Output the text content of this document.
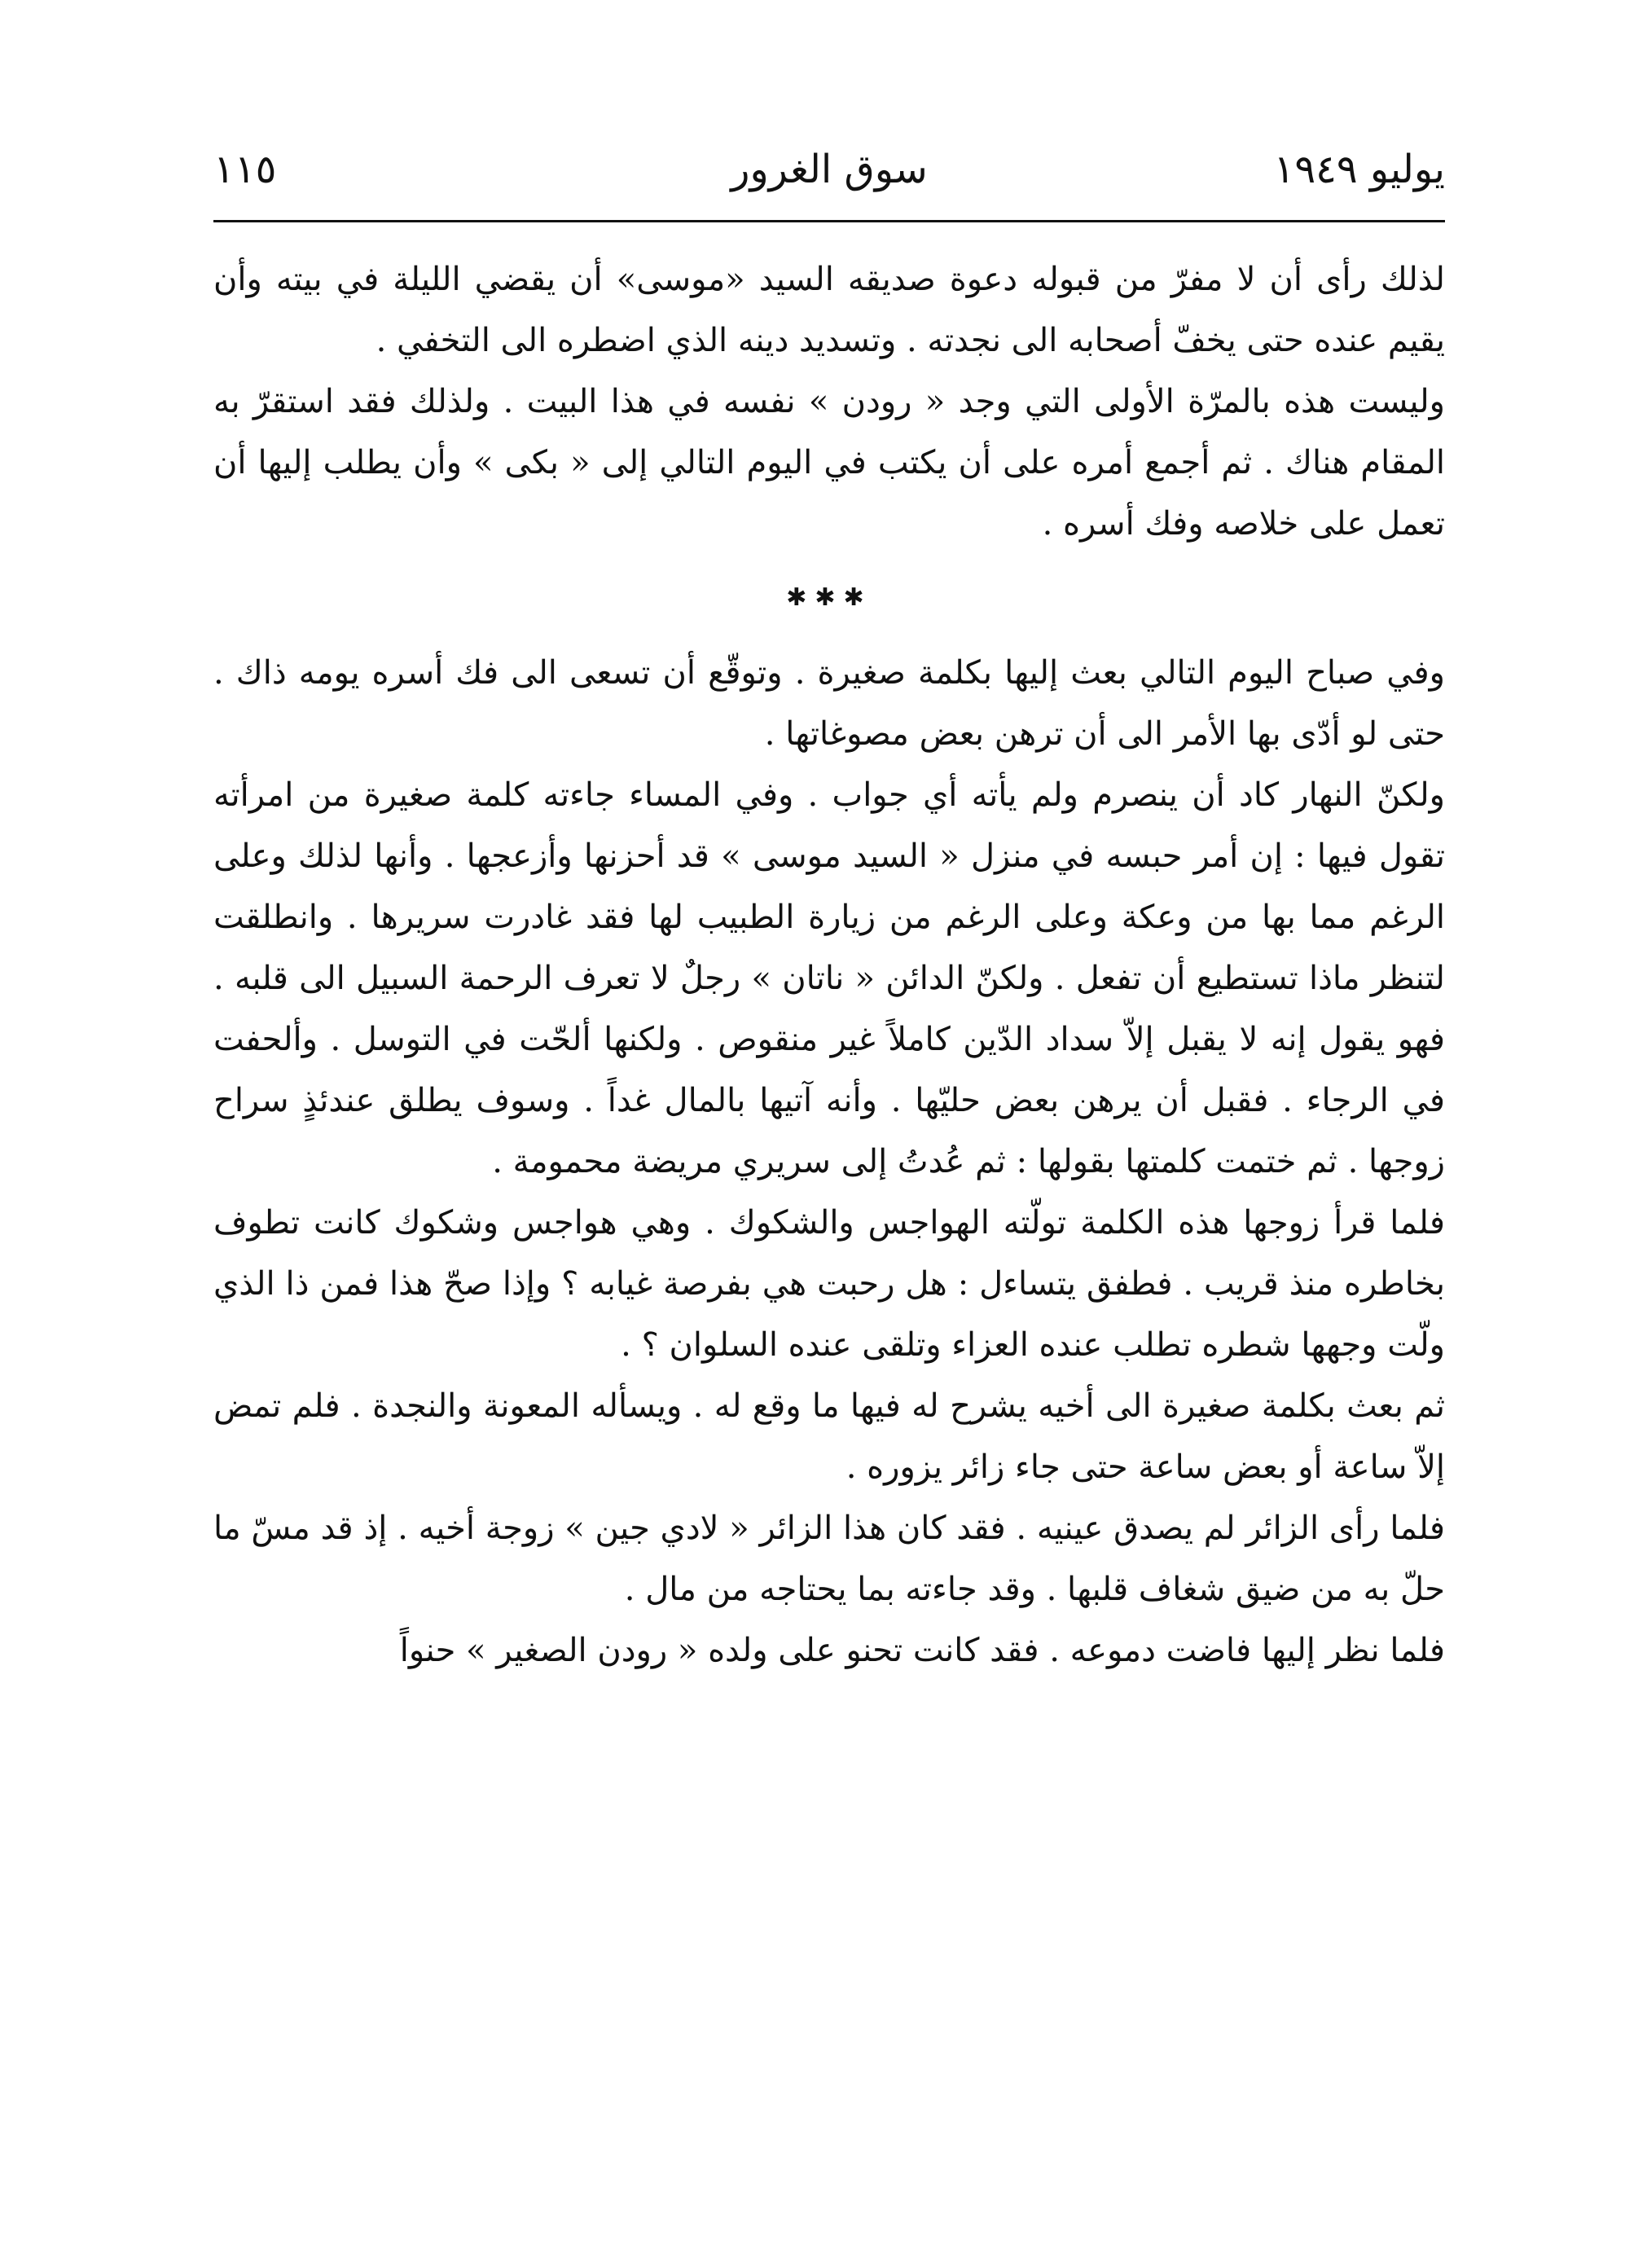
يوليو ١٩٤٩
سوق الغرور
١١٥

لذلك رأى أن لا مفرّ من قبوله دعوة صديقه السيد «موسى» أن يقضي الليلة في بيته وأن يقيم عنده حتى يخفّ أصحابه الى نجدته . وتسديد دينه الذي اضطره الى التخفي .

وليست هذه بالمرّة الأولى التي وجد « رودن » نفسه في هذا البيت . ولذلك فقد استقرّ به المقام هناك . ثم أجمع أمره على أن يكتب في اليوم التالي إلى « بكى » وأن يطلب إليها أن تعمل على خلاصه وفك أسره .

✱✱✱

وفي صباح اليوم التالي بعث إليها بكلمة صغيرة . وتوقّع أن تسعى الى فك أسره يومه ذاك . حتى لو أدّى بها الأمر الى أن ترهن بعض مصوغاتها .

ولكنّ النهار كاد أن ينصرم ولم يأته أي جواب . وفي المساء جاءته كلمة صغيرة من امرأته تقول فيها : إن أمر حبسه في منزل « السيد موسى » قد أحزنها وأزعجها . وأنها لذلك وعلى الرغم مما بها من وعكة وعلى الرغم من زيارة الطبيب لها فقد غادرت سريرها . وانطلقت لتنظر ماذا تستطيع أن تفعل . ولكنّ الدائن « ناتان » رجلٌ لا تعرف الرحمة السبيل الى قلبه . فهو يقول إنه لا يقبل إلاّ سداد الدّين كاملاً غير منقوص . ولكنها ألحّت في التوسل . وألحفت في الرجاء . فقبل أن يرهن بعض حليّها . وأنه آتيها بالمال غداً . وسوف يطلق عندئذٍ سراح زوجها . ثم ختمت كلمتها بقولها : ثم عُدتُ إلى سريري مريضة محمومة .

فلما قرأ زوجها هذه الكلمة تولّته الهواجس والشكوك . وهي هواجس وشكوك كانت تطوف بخاطره منذ قريب . فطفق يتساءل : هل رحبت هي بفرصة غيابه ؟ وإذا صحّ هذا فمن ذا الذي ولّت وجهها شطره تطلب عنده العزاء وتلقى عنده السلوان ؟ .

ثم بعث بكلمة صغيرة الى أخيه يشرح له فيها ما وقع له . ويسأله المعونة والنجدة . فلم تمض إلاّ ساعة أو بعض ساعة حتى جاء زائر يزوره .

فلما رأى الزائر لم يصدق عينيه . فقد كان هذا الزائر « لادي جين » زوجة أخيه . إذ قد مسّ ما حلّ به من ضيق شغاف قلبها . وقد جاءته بما يحتاجه من مال .

فلما نظر إليها فاضت دموعه . فقد كانت تحنو على ولده « رودن الصغير » حنواً
